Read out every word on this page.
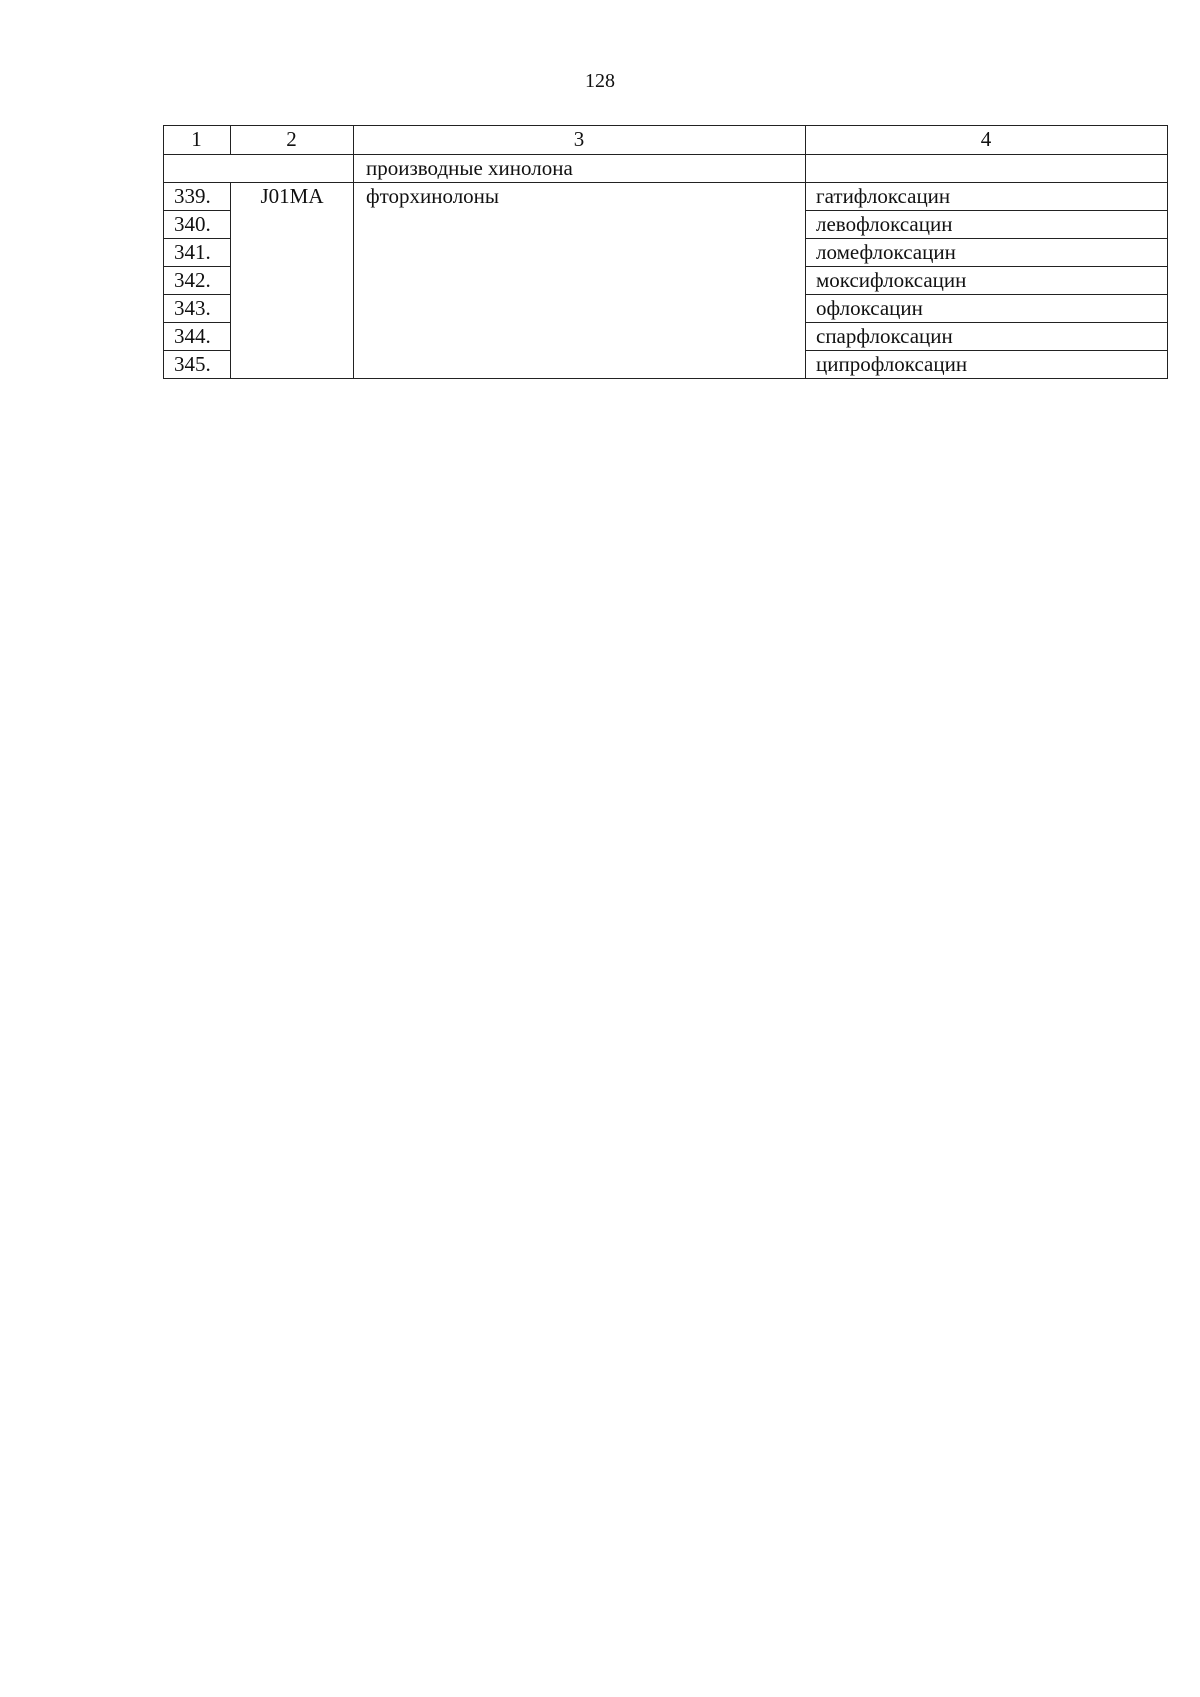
128
1	2	3	4
		производные хинолона	
339.	J01MA	фторхинолоны	гатифлоксацин
340.			левофлоксацин
341.			ломефлоксацин
342.			моксифлоксацин
343.			офлоксацин
344.			спарфлоксацин
345.			ципрофлоксацин
